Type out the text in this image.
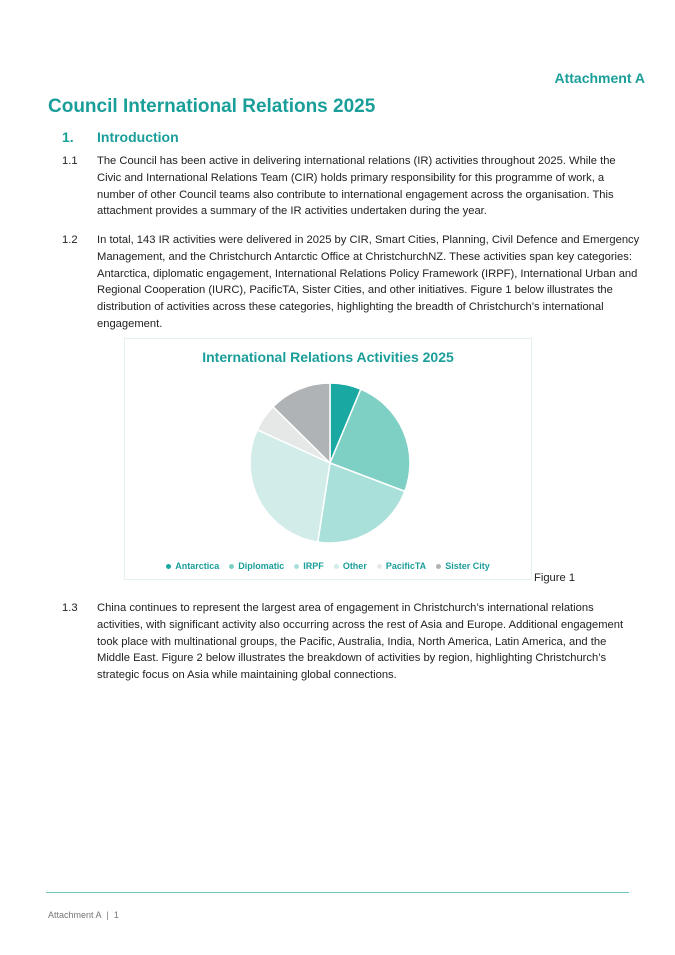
Attachment A
Council International Relations 2025
1. Introduction
1.1 The Council has been active in delivering international relations (IR) activities throughout 2025. While the Civic and International Relations Team (CIR) holds primary responsibility for this programme of work, a number of other Council teams also contribute to international engagement across the organisation. This attachment provides a summary of the IR activities undertaken during the year.
1.2 In total, 143 IR activities were delivered in 2025 by CIR, Smart Cities, Planning, Civil Defence and Emergency Management, and the Christchurch Antarctic Office at ChristchurchNZ. These activities span key categories: Antarctica, diplomatic engagement, International Relations Policy Framework (IRPF), International Urban and Regional Cooperation (IURC), PacificTA, Sister Cities, and other initiatives. Figure 1 below illustrates the distribution of activities across these categories, highlighting the breadth of Christchurch’s international engagement.
International Relations Activities 2025
Antarctica Diplomatic IRPF Other PacificTA Sister City
Figure 1
1.3 China continues to represent the largest area of engagement in Christchurch’s international relations activities, with significant activity also occurring across the rest of Asia and Europe. Additional engagement took place with multinational groups, the Pacific, Australia, India, North America, Latin America, and the Middle East. Figure 2 below illustrates the breakdown of activities by region, highlighting Christchurch’s strategic focus on Asia while maintaining global connections.
Attachment A | 1
